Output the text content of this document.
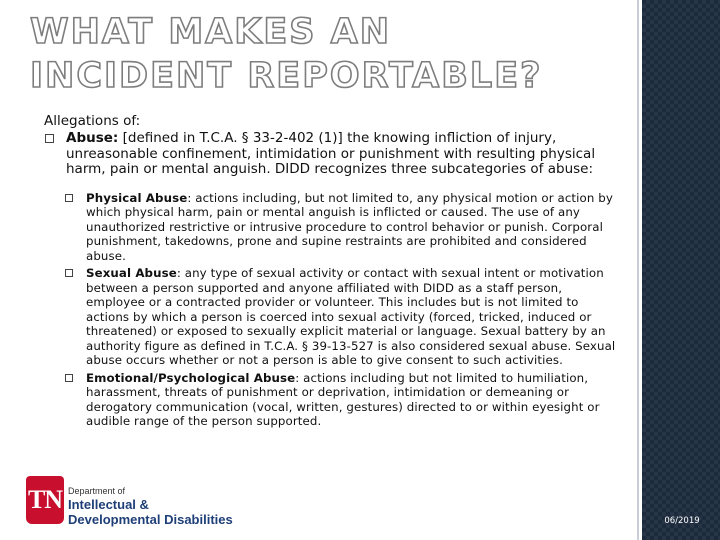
WHAT MAKES AN INCIDENT REPORTABLE?
Allegations of:
Abuse: [defined in T.C.A. § 33-2-402 (1)] the knowing infliction of injury, unreasonable confinement, intimidation or punishment with resulting physical harm, pain or mental anguish. DIDD recognizes three subcategories of abuse:
Physical Abuse: actions including, but not limited to, any physical motion or action by which physical harm, pain or mental anguish is inflicted or caused. The use of any unauthorized restrictive or intrusive procedure to control behavior or punish. Corporal punishment, takedowns, prone and supine restraints are prohibited and considered abuse.
Sexual Abuse: any type of sexual activity or contact with sexual intent or motivation between a person supported and anyone affiliated with DIDD as a staff person, employee or a contracted provider or volunteer. This includes but is not limited to actions by which a person is coerced into sexual activity (forced, tricked, induced or threatened) or exposed to sexually explicit material or language. Sexual battery by an authority figure as defined in T.C.A. § 39-13-527 is also considered sexual abuse. Sexual abuse occurs whether or not a person is able to give consent to such activities.
Emotional/Psychological Abuse: actions including but not limited to humiliation, harassment, threats of punishment or deprivation, intimidation or demeaning or derogatory communication (vocal, written, gestures) directed to or within eyesight or audible range of the person supported.
TN Department of
Intellectual &
Developmental Disabilities	06/2019
